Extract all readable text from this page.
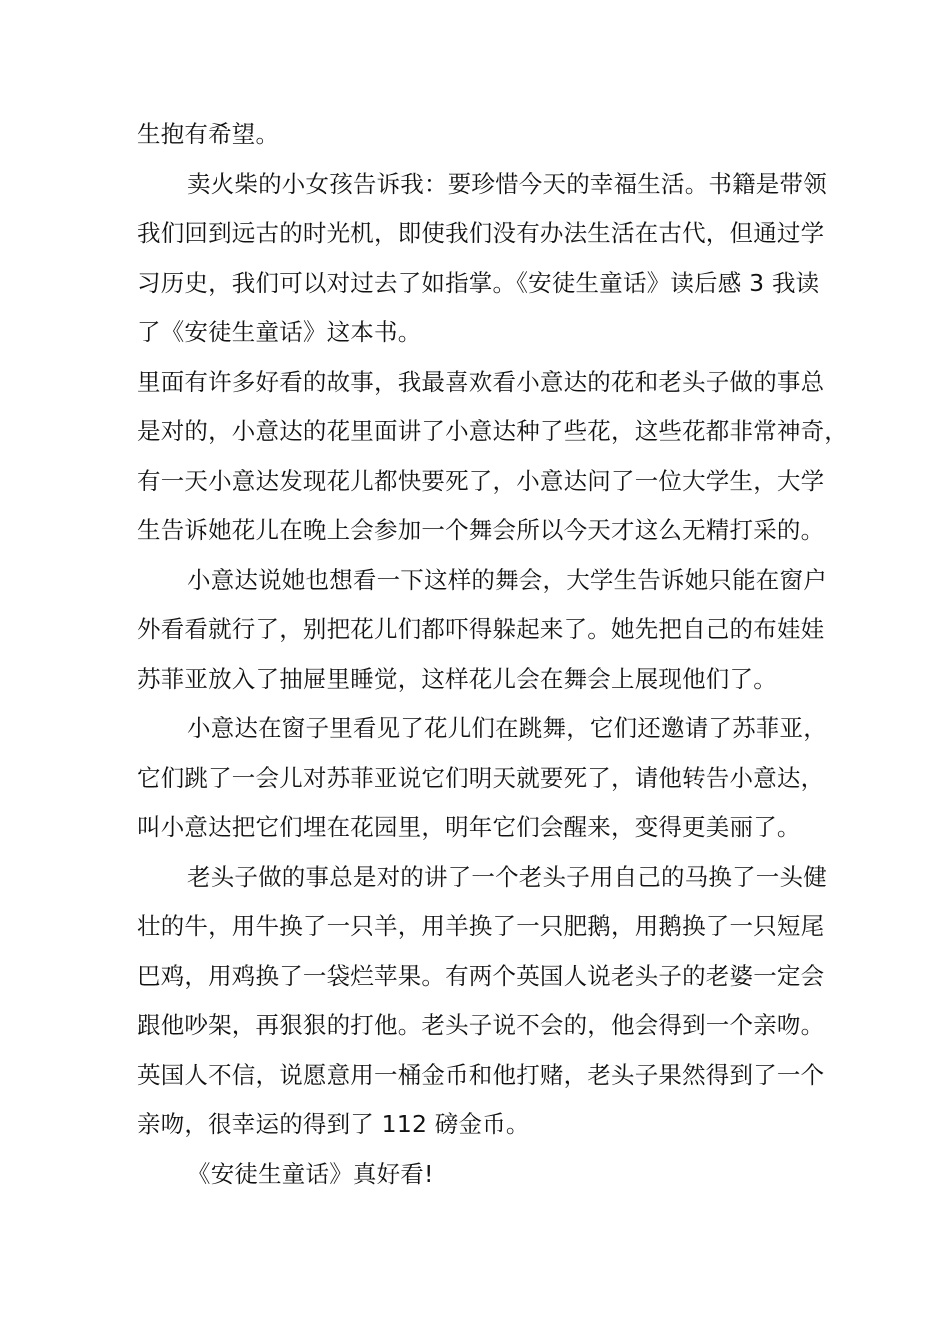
生抱有希望。
卖火柴的小女孩告诉我：要珍惜今天的幸福生活。书籍是带领
我们回到远古的时光机，即使我们没有办法生活在古代，但通过学
习历史，我们可以对过去了如指掌。《安徒生童话》读后感 3 我读
了《安徒生童话》这本书。
里面有许多好看的故事，我最喜欢看小意达的花和老头子做的事总
是对的，小意达的花里面讲了小意达种了些花，这些花都非常神奇，
有一天小意达发现花儿都快要死了，小意达问了一位大学生，大学
生告诉她花儿在晚上会参加一个舞会所以今天才这么无精打采的。
小意达说她也想看一下这样的舞会，大学生告诉她只能在窗户
外看看就行了，别把花儿们都吓得躲起来了。她先把自己的布娃娃
苏菲亚放入了抽屉里睡觉，这样花儿会在舞会上展现他们了。
小意达在窗子里看见了花儿们在跳舞，它们还邀请了苏菲亚，
它们跳了一会儿对苏菲亚说它们明天就要死了，请他转告小意达，
叫小意达把它们埋在花园里，明年它们会醒来，变得更美丽了。
老头子做的事总是对的讲了一个老头子用自己的马换了一头健
壮的牛，用牛换了一只羊，用羊换了一只肥鹅，用鹅换了一只短尾
巴鸡，用鸡换了一袋烂苹果。有两个英国人说老头子的老婆一定会
跟他吵架，再狠狠的打他。老头子说不会的，他会得到一个亲吻。
英国人不信，说愿意用一桶金币和他打赌，老头子果然得到了一个
亲吻，很幸运的得到了 112 磅金币。
《安徒生童话》真好看!
